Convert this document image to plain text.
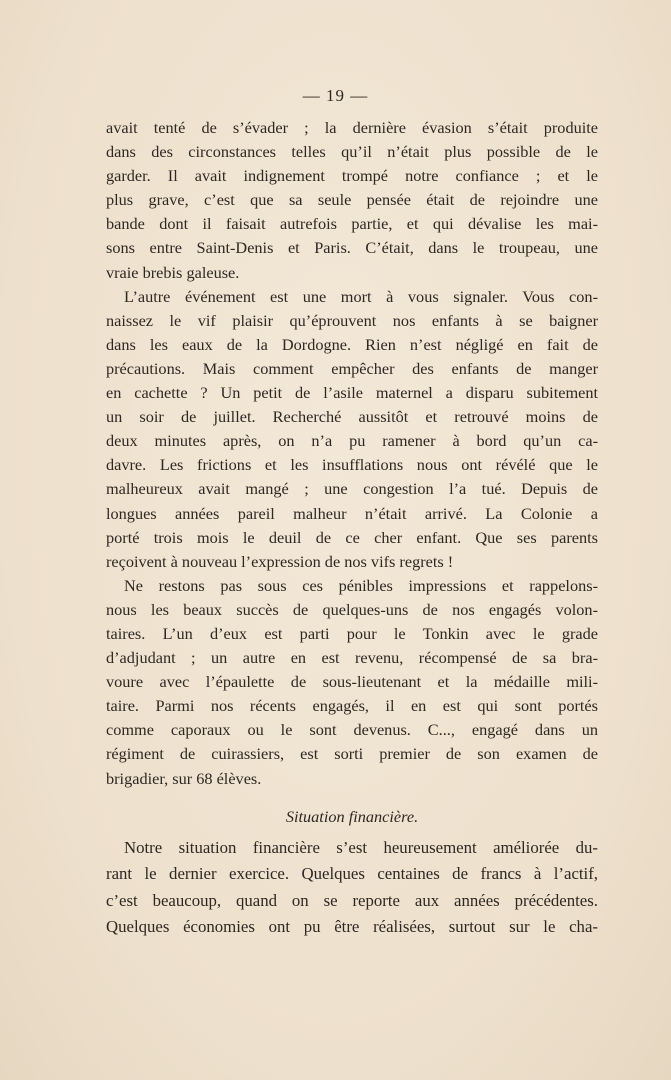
— 19 —
avait tenté de s’évader ; la dernière évasion s’était produite
dans des circonstances telles qu’il n’était plus possible de le
garder. Il avait indignement trompé notre confiance ; et le
plus grave, c’est que sa seule pensée était de rejoindre une
bande dont il faisait autrefois partie, et qui dévalise les mai-
sons entre Saint-Denis et Paris. C’était, dans le troupeau, une
vraie brebis galeuse.
L’autre événement est une mort à vous signaler. Vous con-
naissez le vif plaisir qu’éprouvent nos enfants à se baigner
dans les eaux de la Dordogne. Rien n’est négligé en fait de
précautions. Mais comment empêcher des enfants de manger
en cachette ? Un petit de l’asile maternel a disparu subitement
un soir de juillet. Recherché aussitôt et retrouvé moins de
deux minutes après, on n’a pu ramener à bord qu’un ca-
davre. Les frictions et les insufflations nous ont révélé que le
malheureux avait mangé ; une congestion l’a tué. Depuis de
longues années pareil malheur n’était arrivé. La Colonie a
porté trois mois le deuil de ce cher enfant. Que ses parents
reçoivent à nouveau l’expression de nos vifs regrets !
Ne restons pas sous ces pénibles impressions et rappelons-
nous les beaux succès de quelques-uns de nos engagés volon-
taires. L’un d’eux est parti pour le Tonkin avec le grade
d’adjudant ; un autre en est revenu, récompensé de sa bra-
voure avec l’épaulette de sous-lieutenant et la médaille mili-
taire. Parmi nos récents engagés, il en est qui sont portés
comme caporaux ou le sont devenus. C..., engagé dans un
régiment de cuirassiers, est sorti premier de son examen de
brigadier, sur 68 élèves.
Situation financière.
Notre situation financière s’est heureusement améliorée du-
rant le dernier exercice. Quelques centaines de francs à l’actif,
c’est beaucoup, quand on se reporte aux années précédentes.
Quelques économies ont pu être réalisées, surtout sur le cha-
